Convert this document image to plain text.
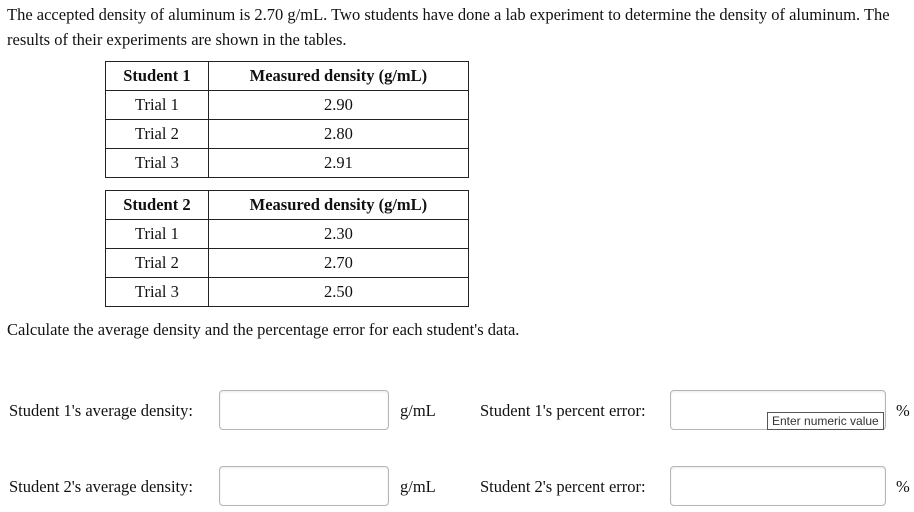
The accepted density of aluminum is 2.70 g/mL. Two students have done a lab experiment to determine the density of aluminum. The results of their experiments are shown in the tables.

Student 1	Measured density (g/mL)
Trial 1	2.90
Trial 2	2.80
Trial 3	2.91
Student 2	Measured density (g/mL)
Trial 1	2.30
Trial 2	2.70
Trial 3	2.50

Calculate the average density and the percentage error for each student's data.

Student 1's average density:	g/mL	Student 1's percent error:	%
Enter numeric value
Student 2's average density:	g/mL	Student 2's percent error:	%
